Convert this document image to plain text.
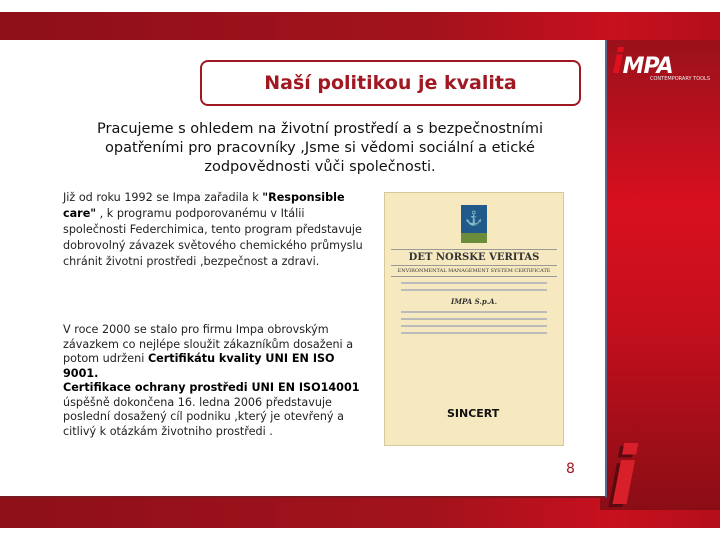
iMPA
CONTEMPORARY TOOLS
Naší politikou je kvalita
Pracujeme s ohledem na životní prostředí a s bezpečnostními opatřeními pro pracovníky ,Jsme si vědomi sociální a etické zodpovědnosti vůči společnosti.
Již od roku 1992 se Impa zařadila k "Responsible care" , k programu podporovanému v Itálii společnosti Federchimica, tento program představuje dobrovolný závazek světového chemického průmyslu chránit životni prostředi ,bezpečnost a zdravi.
V roce 2000 se stalo pro firmu Impa obrovským závazkem co nejlépe sloužit zákazníkům dosaženi a potom udrženi Certifikátu kvality UNI EN ISO 9001.
Certifikace ochrany prostředi UNI EN ISO14001 úspěšně dokončena 16. ledna 2006 představuje poslední dosažený cíl podniku ,který je otevřený a citlivý k otázkám životniho prostředi .
⚓
DET NORSKE VERITAS
ENVIRONMENTAL MANAGEMENT SYSTEM CERTIFICATE
IMPA S.p.A.
SINCERT
8 i
